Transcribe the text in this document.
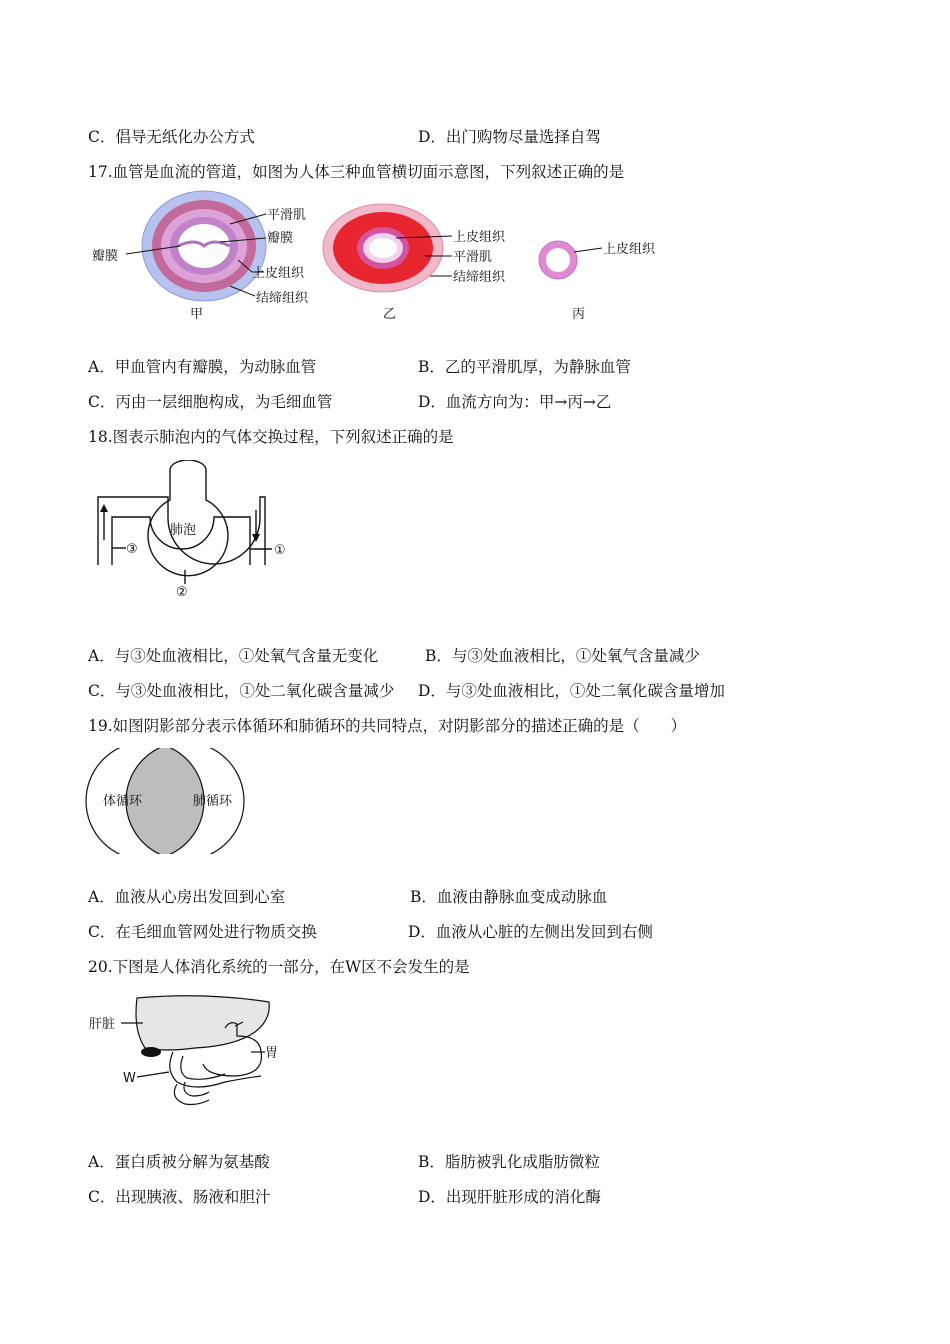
C．倡导无纸化办公方式	D．出门购物尽量选择自驾
17.血管是血流的管道，如图为人体三种血管横切面示意图，下列叙述正确的是
平滑肌
瓣膜
上皮组织
结缔组织
瓣膜
上皮组织
平滑肌
结缔组织
上皮组织
甲	乙	丙
A．甲血管内有瓣膜，为动脉血管	B．乙的平滑肌厚，为静脉血管
C．丙由一层细胞构成，为毛细血管	D．血流方向为：甲→丙→乙
18.图表示肺泡内的气体交换过程，下列叙述正确的是
肺泡
①
②
③
A．与③处血液相比，①处氧气含量无变化	B．与③处血液相比，①处氧气含量减少
C．与③处血液相比，①处二氧化碳含量减少 D．与③处血液相比，①处二氧化碳含量增加
19.如图阴影部分表示体循环和肺循环的共同特点，对阴影部分的描述正确的是（　　）
体循环	肺循环
A．血液从心房出发回到心室	B．血液由静脉血变成动脉血
C．在毛细血管网处进行物质交换	D．血液从心脏的左侧出发回到右侧
20.下图是人体消化系统的一部分，在W区不会发生的是
肝脏
胃
W
A．蛋白质被分解为氨基酸	B．脂肪被乳化成脂肪微粒
C．出现胰液、肠液和胆汁	D．出现肝脏形成的消化酶
